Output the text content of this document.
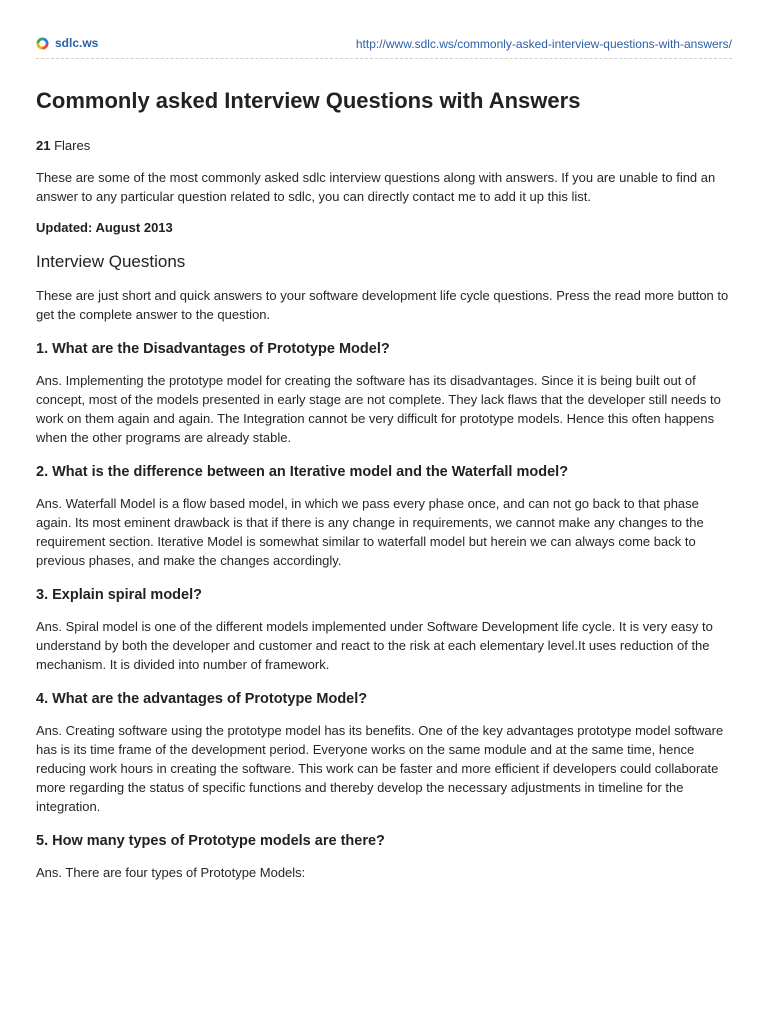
sdlc.ws	http://www.sdlc.ws/commonly-asked-interview-questions-with-answers/
Commonly asked Interview Questions with Answers
21 Flares

These are some of the most commonly asked sdlc interview questions along with answers. If you are unable to find an answer to any particular question related to sdlc, you can directly contact me to add it up this list.

Updated: August 2013
Interview Questions

These are just short and quick answers to your software development life cycle questions. Press the read more button to get the complete answer to the question.

1. What are the Disadvantages of Prototype Model?

Ans. Implementing the prototype model for creating the software has its disadvantages. Since it is being built out of concept, most of the models presented in early stage are not complete. They lack flaws that the developer still needs to work on them again and again. The Integration cannot be very difficult for prototype models. Hence this often happens when the other programs are already stable.

2. What is the difference between an Iterative model and the Waterfall model?

Ans. Waterfall Model is a flow based model, in which we pass every phase once, and can not go back to that phase again. Its most eminent drawback is that if there is any change in requirements, we cannot make any changes to the requirement section. Iterative Model is somewhat similar to waterfall model but herein we can always come back to previous phases, and make the changes accordingly.

3. Explain spiral model?

Ans. Spiral model is one of the different models implemented under Software Development life cycle. It is very easy to understand by both the developer and customer and react to the risk at each elementary level.It uses reduction of the mechanism. It is divided into number of framework.

4. What are the advantages of Prototype Model?

Ans. Creating software using the prototype model has its benefits. One of the key advantages prototype model software has is its time frame of the development period. Everyone works on the same module and at the same time, hence reducing work hours in creating the software. This work can be faster and more efficient if developers could collaborate more regarding the status of specific functions and thereby develop the necessary adjustments in timeline for the integration.

5. How many types of Prototype models are there?

Ans. There are four types of Prototype Models:
